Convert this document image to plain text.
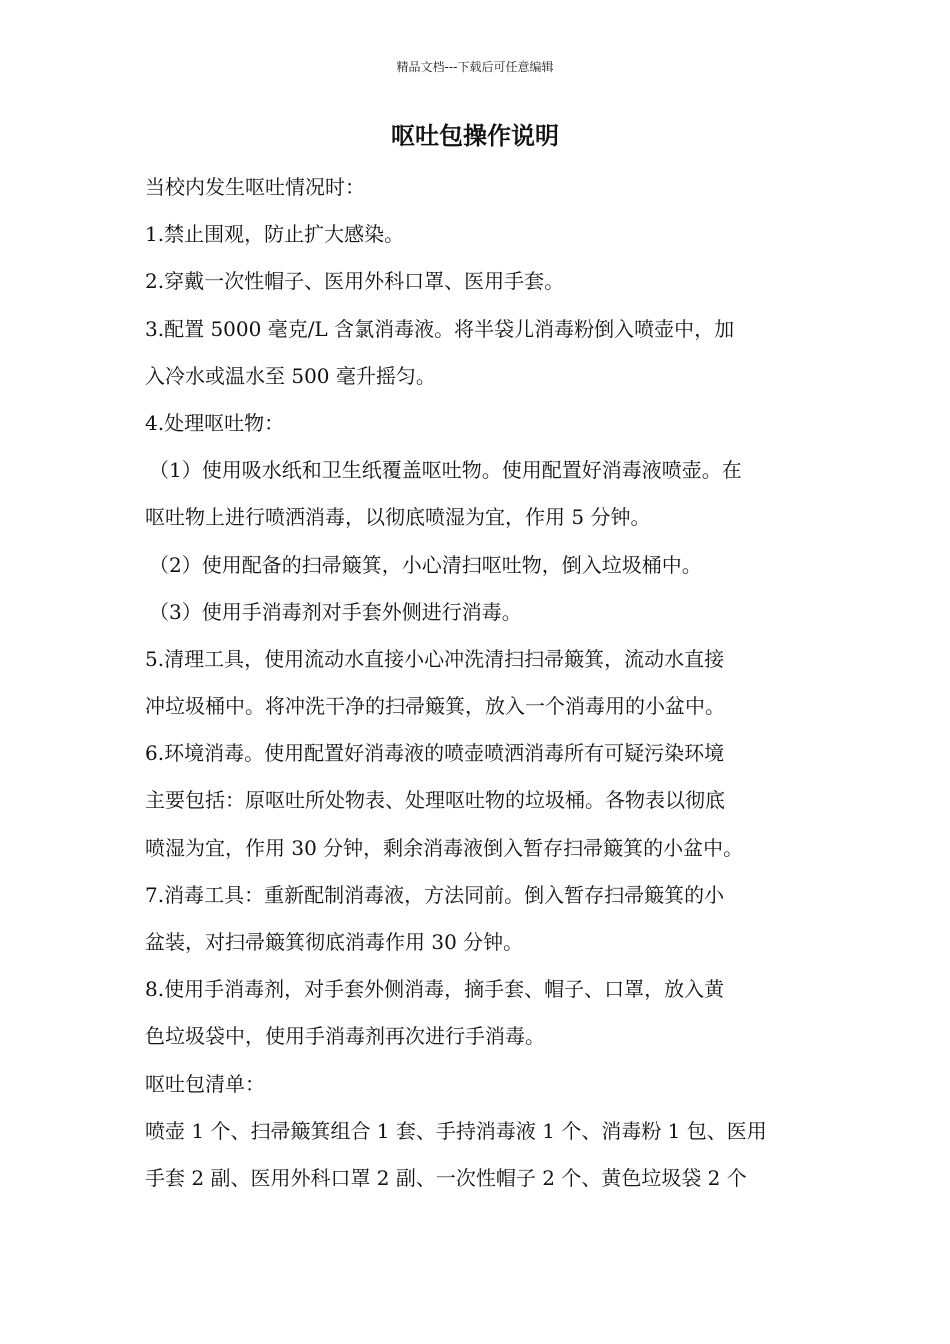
精品文档---下载后可任意编辑
呕吐包操作说明
当校内发生呕吐情况时：
1.禁止围观，防止扩大感染。
2.穿戴一次性帽子、医用外科口罩、医用手套。
3.配置 5000 毫克/L 含氯消毒液。将半袋儿消毒粉倒入喷壶中，加
入冷水或温水至 500 毫升摇匀。
4.处理呕吐物：
（1）使用吸水纸和卫生纸覆盖呕吐物。使用配置好消毒液喷壶。在
呕吐物上进行喷洒消毒，以彻底喷湿为宜，作用 5 分钟。
（2）使用配备的扫帚簸箕，小心清扫呕吐物，倒入垃圾桶中。
（3）使用手消毒剂对手套外侧进行消毒。
5.清理工具，使用流动水直接小心冲洗清扫扫帚簸箕，流动水直接
冲垃圾桶中。将冲洗干净的扫帚簸箕，放入一个消毒用的小盆中。
6.环境消毒。使用配置好消毒液的喷壶喷洒消毒所有可疑污染环境
主要包括：原呕吐所处物表、处理呕吐物的垃圾桶。各物表以彻底
喷湿为宜，作用 30 分钟，剩余消毒液倒入暂存扫帚簸箕的小盆中。
7.消毒工具：重新配制消毒液，方法同前。倒入暂存扫帚簸箕的小
盆装，对扫帚簸箕彻底消毒作用 30 分钟。
8.使用手消毒剂，对手套外侧消毒，摘手套、帽子、口罩，放入黄
色垃圾袋中，使用手消毒剂再次进行手消毒。
呕吐包清单：
喷壶 1 个、扫帚簸箕组合 1 套、手持消毒液 1 个、消毒粉 1 包、医用
手套 2 副、医用外科口罩 2 副、一次性帽子 2 个、黄色垃圾袋 2 个
